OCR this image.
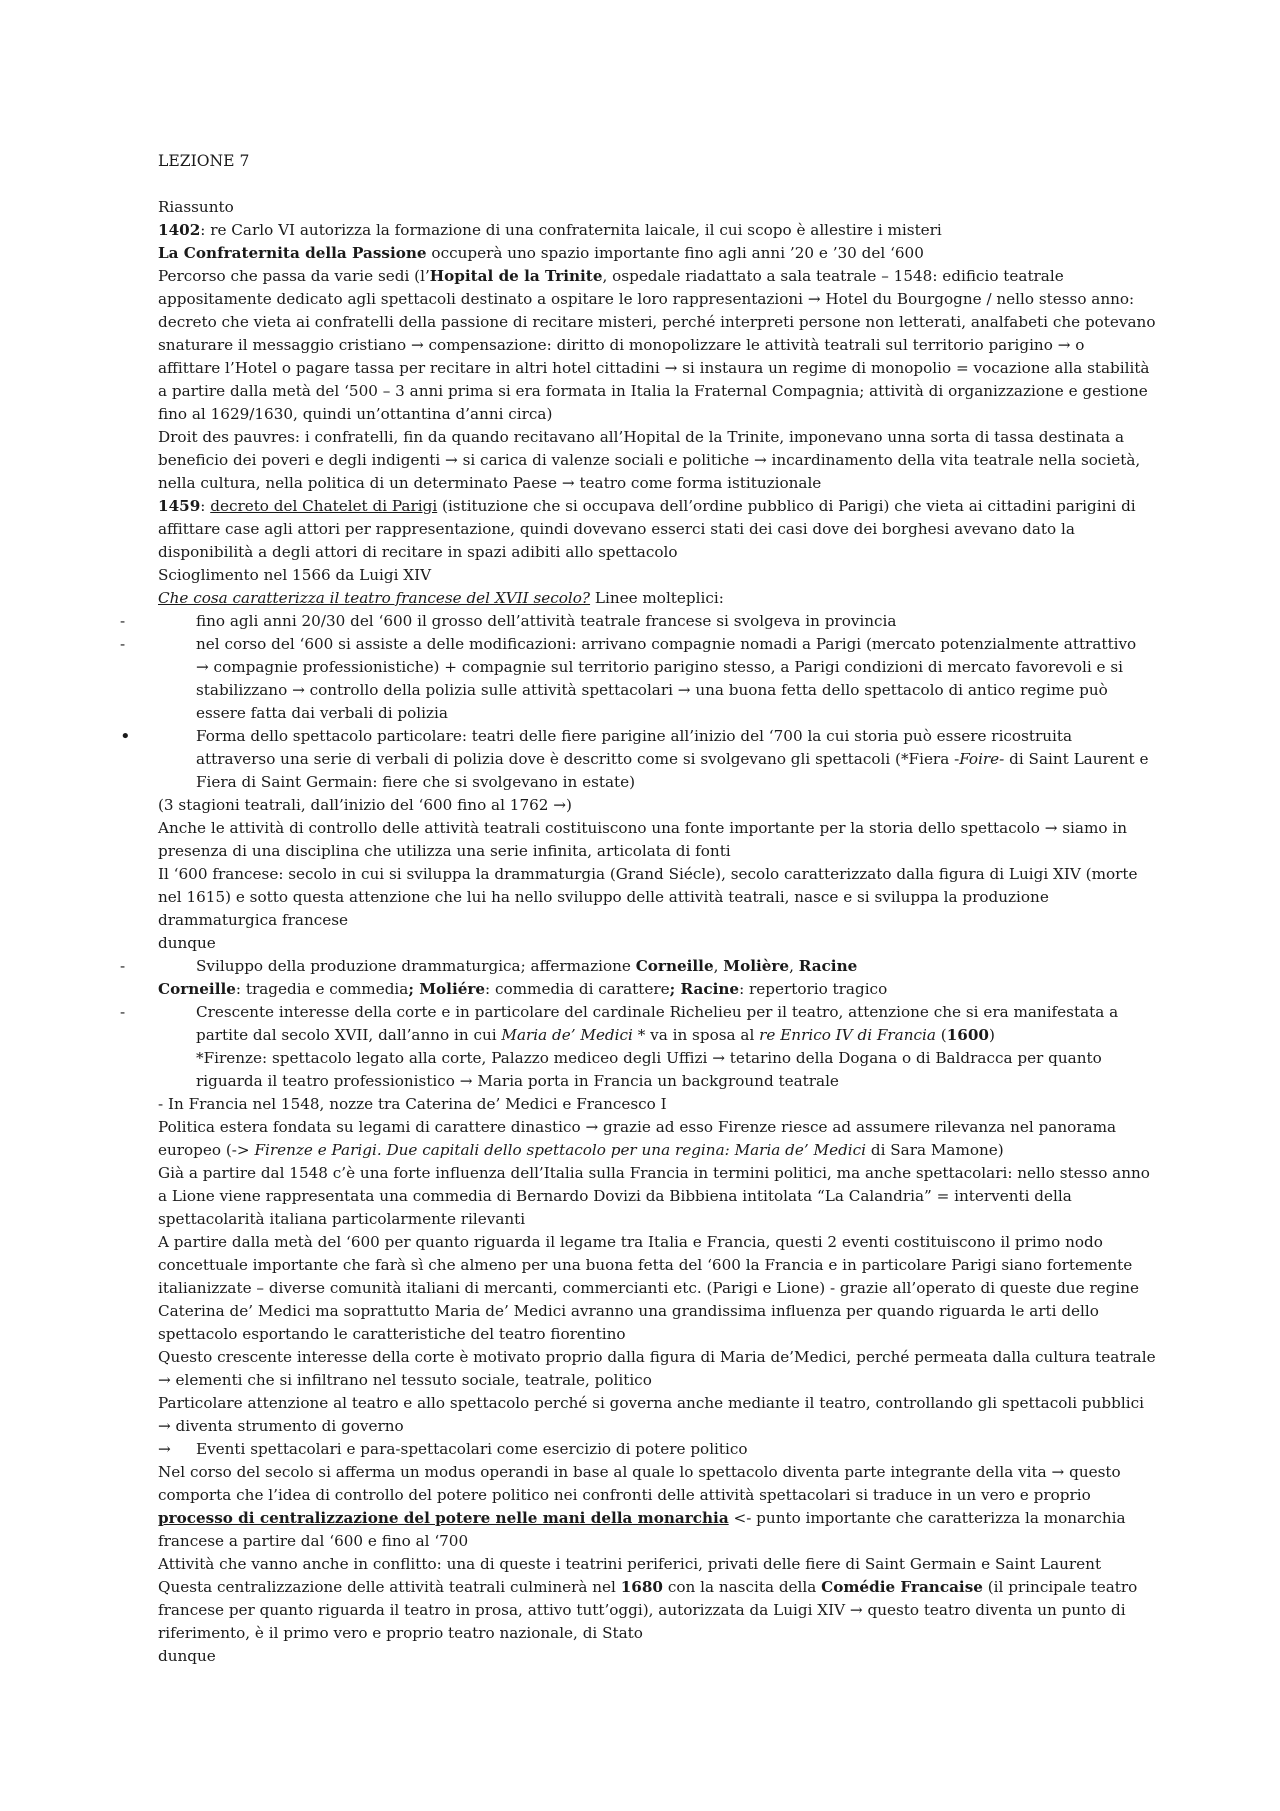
LEZIONE 7
Riassunto
1402: re Carlo VI autorizza la formazione di una confraternita laicale, il cui scopo è allestire i misteri
La Confraternita della Passione occuperà uno spazio importante fino agli anni ’20 e ’30 del ‘600
Percorso che passa da varie sedi (l’Hopital de la Trinite, ospedale riadattato a sala teatrale – 1548: edificio teatrale
appositamente dedicato agli spettacoli destinato a ospitare le loro rappresentazioni → Hotel du Bourgogne / nello stesso anno:
decreto che vieta ai confratelli della passione di recitare misteri, perché interpreti persone non letterati, analfabeti che potevano
snaturare il messaggio cristiano → compensazione: diritto di monopolizzare le attività teatrali sul territorio parigino → o
affittare l’Hotel o pagare tassa per recitare in altri hotel cittadini → si instaura un regime di monopolio = vocazione alla stabilità
a partire dalla metà del ‘500 – 3 anni prima si era formata in Italia la Fraternal Compagnia; attività di organizzazione e gestione
fino al 1629/1630, quindi un’ottantina d’anni circa)
Droit des pauvres: i confratelli, fin da quando recitavano all’Hopital de la Trinite, imponevano unna sorta di tassa destinata a
beneficio dei poveri e degli indigenti → si carica di valenze sociali e politiche → incardinamento della vita teatrale nella società,
nella cultura, nella politica di un determinato Paese → teatro come forma istituzionale
1459: decreto del Chatelet di Parigi (istituzione che si occupava dell’ordine pubblico di Parigi) che vieta ai cittadini parigini di
affittare case agli attori per rappresentazione, quindi dovevano esserci stati dei casi dove dei borghesi avevano dato la
disponibilità a degli attori di recitare in spazi adibiti allo spettacolo
Scioglimento nel 1566 da Luigi XIV
Che cosa caratterizza il teatro francese del XVII secolo? Linee molteplici:
-	fino agli anni 20/30 del ‘600 il grosso dell’attività teatrale francese si svolgeva in provincia
-	nel corso del ‘600 si assiste a delle modificazioni: arrivano compagnie nomadi a Parigi (mercato potenzialmente attrattivo
→ compagnie professionistiche) + compagnie sul territorio parigino stesso, a Parigi condizioni di mercato favorevoli e si
stabilizzano → controllo della polizia sulle attività spettacolari → una buona fetta dello spettacolo di antico regime può
essere fatta dai verbali di polizia
•	Forma dello spettacolo particolare: teatri delle fiere parigine all’inizio del ‘700 la cui storia può essere ricostruita
attraverso una serie di verbali di polizia dove è descritto come si svolgevano gli spettacoli (*Fiera -Foire- di Saint Laurent e
Fiera di Saint Germain: fiere che si svolgevano in estate)
(3 stagioni teatrali, dall’inizio del ‘600 fino al 1762 →)
Anche le attività di controllo delle attività teatrali costituiscono una fonte importante per la storia dello spettacolo → siamo in
presenza di una disciplina che utilizza una serie infinita, articolata di fonti
Il ‘600 francese: secolo in cui si sviluppa la drammaturgia (Grand Siécle), secolo caratterizzato dalla figura di Luigi XIV (morte
nel 1615) e sotto questa attenzione che lui ha nello sviluppo delle attività teatrali, nasce e si sviluppa la produzione
drammaturgica francese
dunque
-	Sviluppo della produzione drammaturgica; affermazione Corneille, Molière, Racine
Corneille: tragedia e commedia; Moliére: commedia di carattere; Racine: repertorio tragico
-	Crescente interesse della corte e in particolare del cardinale Richelieu per il teatro, attenzione che si era manifestata a
partite dal secolo XVII, dall’anno in cui Maria de’ Medici * va in sposa al re Enrico IV di Francia (1600)
*Firenze: spettacolo legato alla corte, Palazzo mediceo degli Uffizi → tetarino della Dogana o di Baldracca per quanto
riguarda il teatro professionistico → Maria porta in Francia un background teatrale
- In Francia nel 1548, nozze tra Caterina de’ Medici e Francesco I
Politica estera fondata su legami di carattere dinastico → grazie ad esso Firenze riesce ad assumere rilevanza nel panorama
europeo (-> Firenze e Parigi. Due capitali dello spettacolo per una regina: Maria de’ Medici di Sara Mamone)
Già a partire dal 1548 c’è una forte influenza dell’Italia sulla Francia in termini politici, ma anche spettacolari: nello stesso anno
a Lione viene rappresentata una commedia di Bernardo Dovizi da Bibbiena intitolata “La Calandria” = interventi della
spettacolarità italiana particolarmente rilevanti
A partire dalla metà del ‘600 per quanto riguarda il legame tra Italia e Francia, questi 2 eventi costituiscono il primo nodo
concettuale importante che farà sì che almeno per una buona fetta del ‘600 la Francia e in particolare Parigi siano fortemente
italianizzate – diverse comunità italiani di mercanti, commercianti etc. (Parigi e Lione) - grazie all’operato di queste due regine
Caterina de’ Medici ma soprattutto Maria de’ Medici avranno una grandissima influenza per quando riguarda le arti dello
spettacolo esportando le caratteristiche del teatro fiorentino
Questo crescente interesse della corte è motivato proprio dalla figura di Maria de’Medici, perché permeata dalla cultura teatrale
→ elementi che si infiltrano nel tessuto sociale, teatrale, politico
Particolare attenzione al teatro e allo spettacolo perché si governa anche mediante il teatro, controllando gli spettacoli pubblici
→ diventa strumento di governo
→ Eventi spettacolari e para-spettacolari come esercizio di potere politico
Nel corso del secolo si afferma un modus operandi in base al quale lo spettacolo diventa parte integrante della vita → questo
comporta che l’idea di controllo del potere politico nei confronti delle attività spettacolari si traduce in un vero e proprio
processo di centralizzazione del potere nelle mani della monarchia <- punto importante che caratterizza la monarchia
francese a partire dal ‘600 e fino al ‘700
Attività che vanno anche in conflitto: una di queste i teatrini periferici, privati delle fiere di Saint Germain e Saint Laurent
Questa centralizzazione delle attività teatrali culminerà nel 1680 con la nascita della Comédie Francaise (il principale teatro
francese per quanto riguarda il teatro in prosa, attivo tutt’oggi), autorizzata da Luigi XIV → questo teatro diventa un punto di
riferimento, è il primo vero e proprio teatro nazionale, di Stato
dunque
